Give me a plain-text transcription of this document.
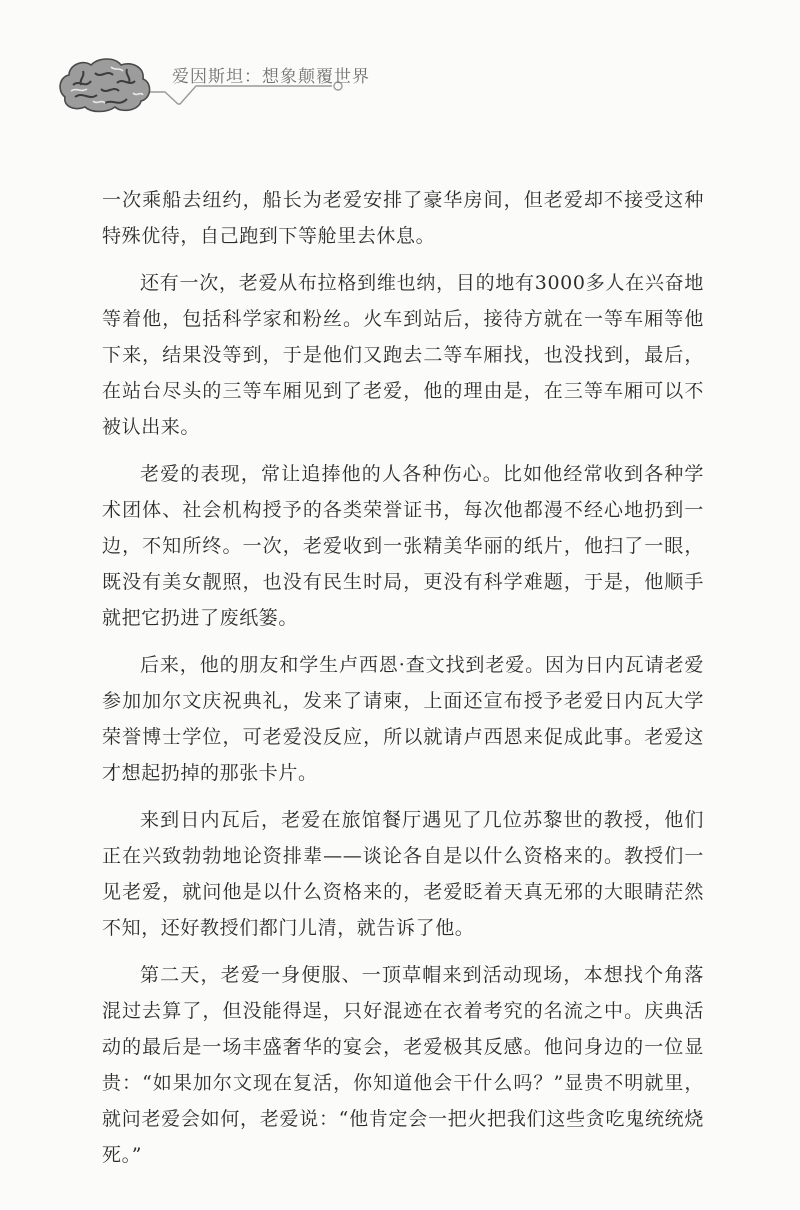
爱因斯坦：想象颠覆世界

一次乘船去纽约，船长为老爱安排了豪华房间，但老爱却不接受这种特殊优待，自己跑到下等舱里去休息。

还有一次，老爱从布拉格到维也纳，目的地有3000多人在兴奋地等着他，包括科学家和粉丝。火车到站后，接待方就在一等车厢等他下来，结果没等到，于是他们又跑去二等车厢找，也没找到，最后，在站台尽头的三等车厢见到了老爱，他的理由是，在三等车厢可以不被认出来。

老爱的表现，常让追捧他的人各种伤心。比如他经常收到各种学术团体、社会机构授予的各类荣誉证书，每次他都漫不经心地扔到一边，不知所终。一次，老爱收到一张精美华丽的纸片，他扫了一眼，既没有美女靓照，也没有民生时局，更没有科学难题，于是，他顺手就把它扔进了废纸篓。

后来，他的朋友和学生卢西恩·查文找到老爱。因为日内瓦请老爱参加加尔文庆祝典礼，发来了请柬，上面还宣布授予老爱日内瓦大学荣誉博士学位，可老爱没反应，所以就请卢西恩来促成此事。老爱这才想起扔掉的那张卡片。

来到日内瓦后，老爱在旅馆餐厅遇见了几位苏黎世的教授，他们正在兴致勃勃地论资排辈——谈论各自是以什么资格来的。教授们一见老爱，就问他是以什么资格来的，老爱眨着天真无邪的大眼睛茫然不知，还好教授们都门儿清，就告诉了他。

第二天，老爱一身便服、一顶草帽来到活动现场，本想找个角落混过去算了，但没能得逞，只好混迹在衣着考究的名流之中。庆典活动的最后是一场丰盛奢华的宴会，老爱极其反感。他问身边的一位显贵：“如果加尔文现在复活，你知道他会干什么吗？”显贵不明就里，就问老爱会如何，老爱说：“他肯定会一把火把我们这些贪吃鬼统统烧死。”
